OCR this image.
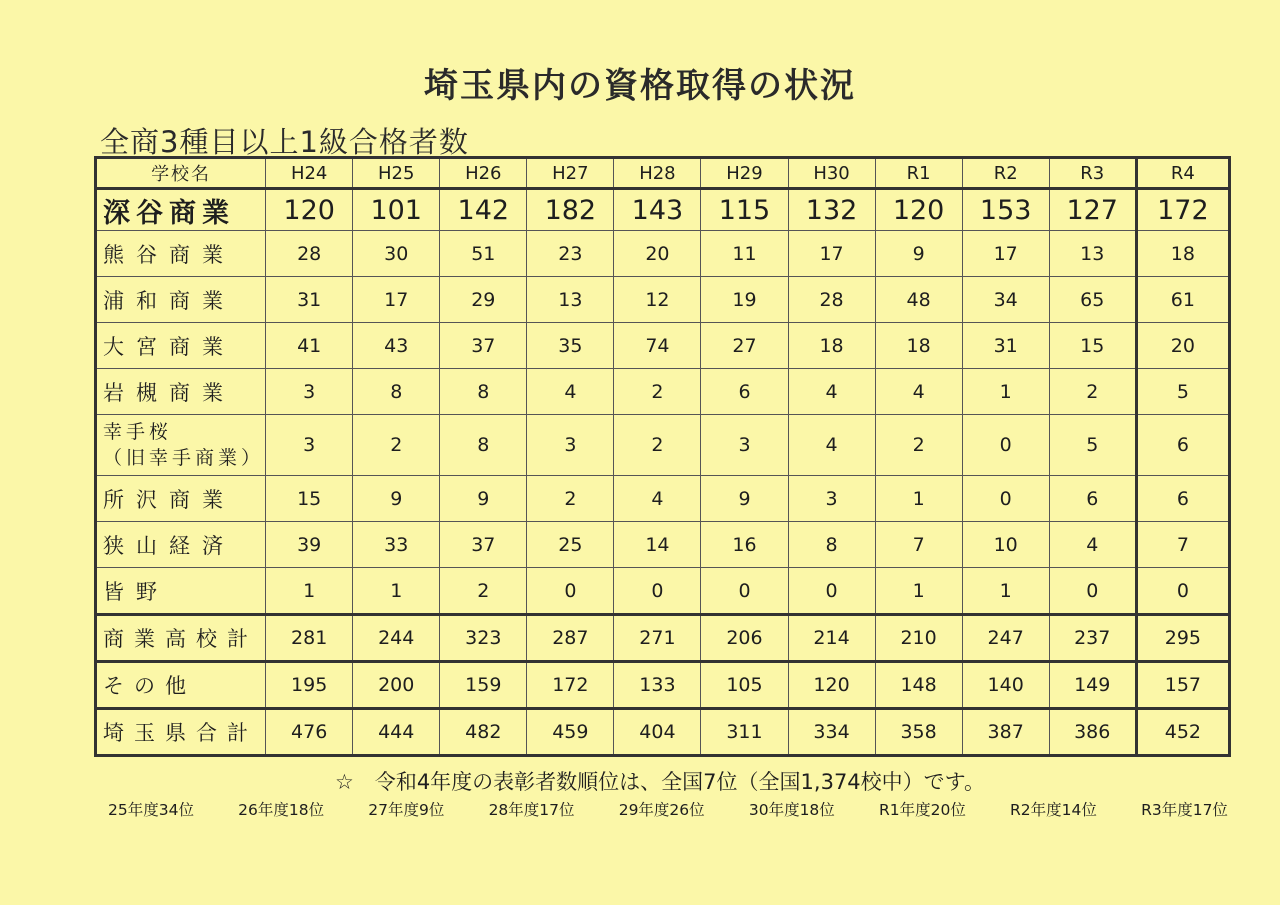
埼玉県内の資格取得の状況
全商3種目以上1級合格者数
学校名	H24	H25	H26	H27	H28	H29	H30	R1	R2	R3	R4
深谷商業	120	101	142	182	143	115	132	120	153	127	172
熊谷商業	28	30	51	23	20	11	17	9	17	13	18
浦和商業	31	17	29	13	12	19	28	48	34	65	61
大宮商業	41	43	37	35	74	27	18	18	31	15	20
岩槻商業	3	8	8	4	2	6	4	4	1	2	5
幸手桜
（旧幸手商業）	3	2	8	3	2	3	4	2	0	5	6
所沢商業	15	9	9	2	4	9	3	1	0	6	6
狭山経済	39	33	37	25	14	16	8	7	10	4	7
皆野	1	1	2	0	0	0	0	1	1	0	0
商業高校計	281	244	323	287	271	206	214	210	247	237	295
その他	195	200	159	172	133	105	120	148	140	149	157
埼玉県合計	476	444	482	459	404	311	334	358	387	386	452
☆　令和4年度の表彰者数順位は、全国7位（全国1,374校中）です。
25年度34位	26年度18位	27年度9位	28年度17位	29年度26位	30年度18位	R1年度20位	R2年度14位	R3年度17位
